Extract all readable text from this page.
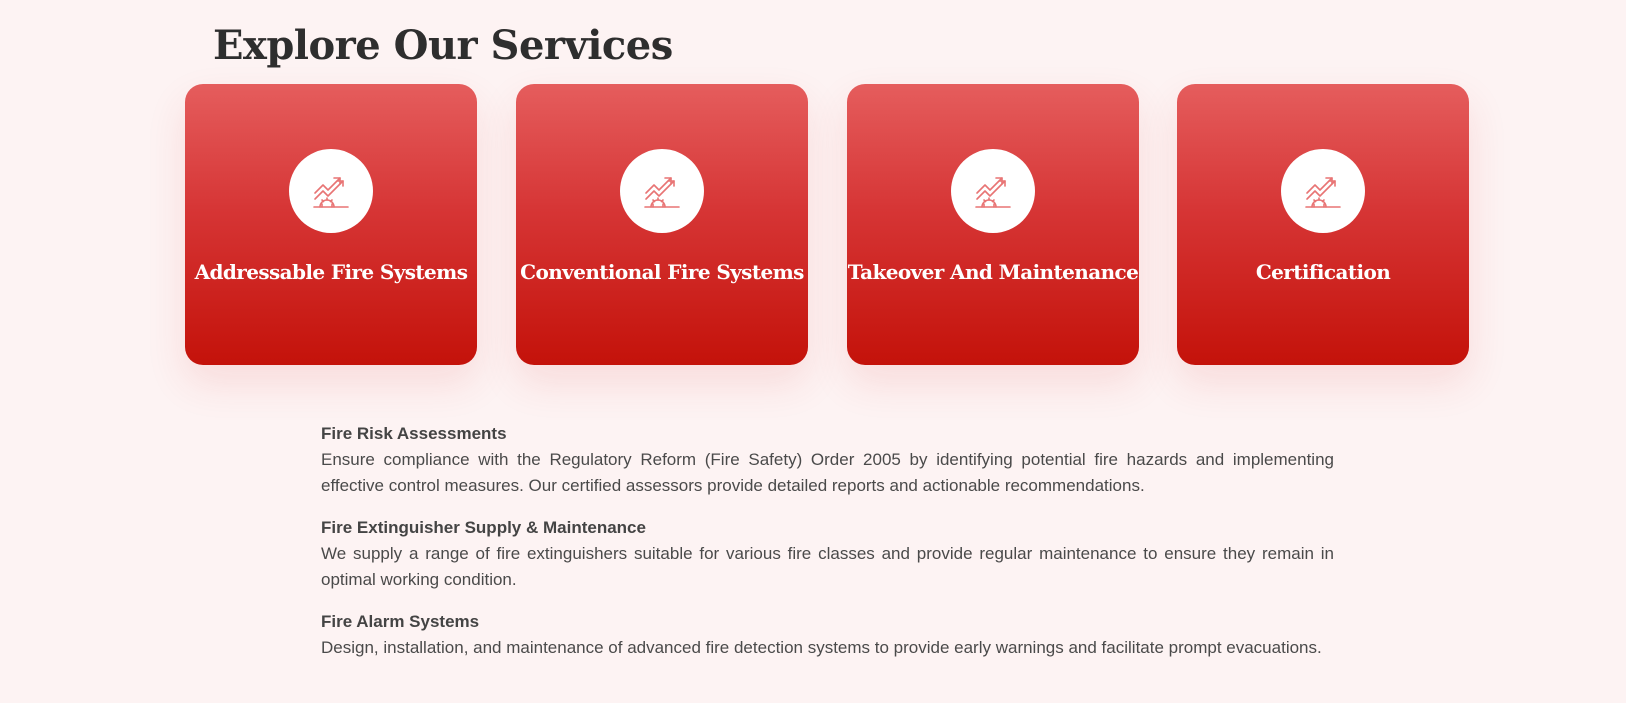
Explore Our Services
Addressable Fire Systems	Conventional Fire Systems Takeover And Maintenance	Certification
Fire Risk Assessments

Ensure compliance with the Regulatory Reform (Fire Safety) Order 2005 by identifying potential fire hazards and implementing effective control measures. Our certified assessors provide detailed reports and actionable recommendations.

Fire Extinguisher Supply & Maintenance

We supply a range of fire extinguishers suitable for various fire classes and provide regular maintenance to ensure they remain in optimal working condition.

Fire Alarm Systems

Design, installation, and maintenance of advanced fire detection systems to provide early warnings and facilitate prompt evacuations.
